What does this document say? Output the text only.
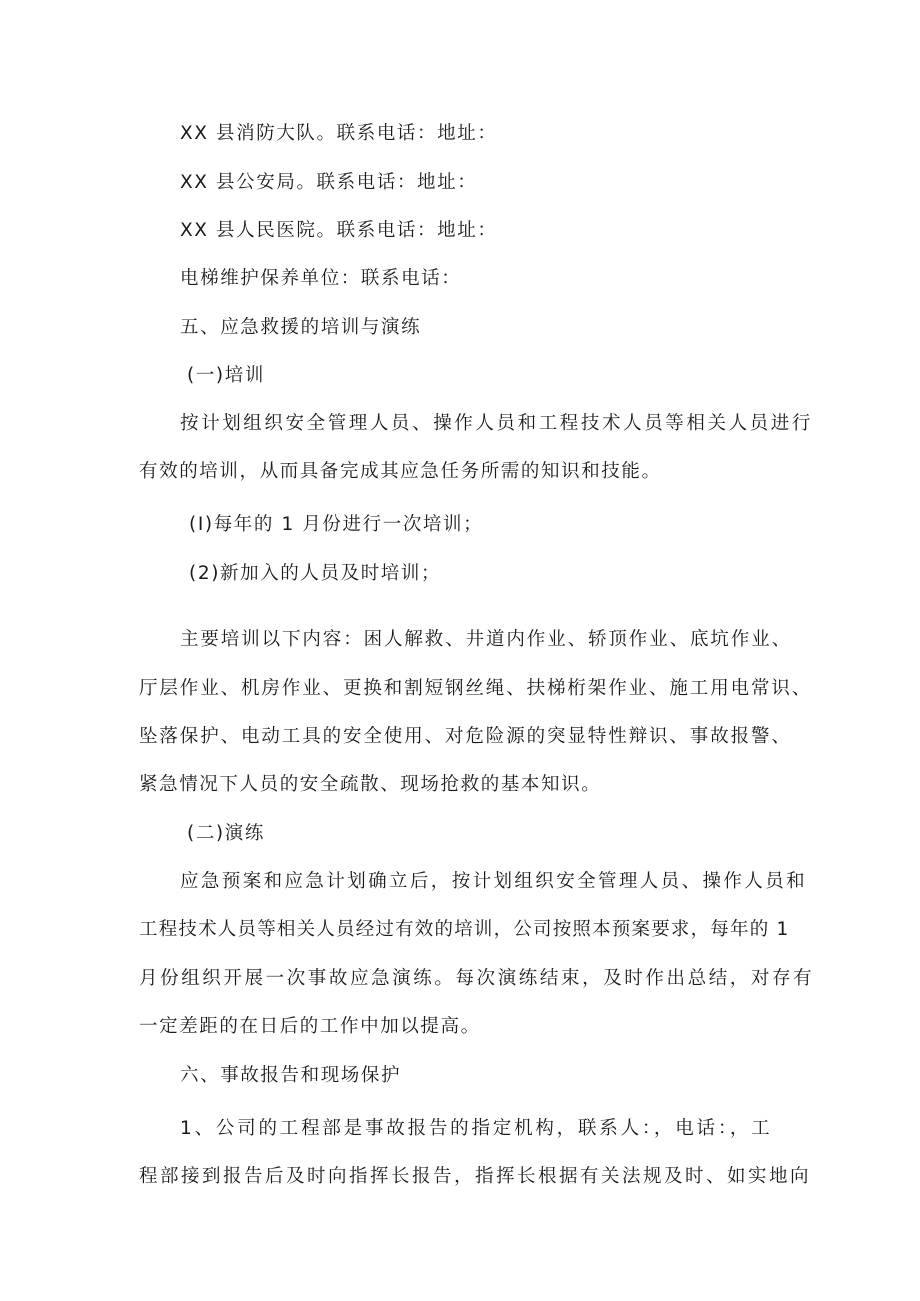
XX 县消防大队。联系电话：地址：
XX 县公安局。联系电话：地址：
XX 县人民医院。联系电话：地址：
电梯维护保养单位：联系电话：
五、应急救援的培训与演练
(一)培训
按计划组织安全管理人员、操作人员和工程技术人员等相关人员进行
有效的培训，从而具备完成其应急任务所需的知识和技能。
(I)每年的 1 月份进行一次培训；
(2)新加入的人员及时培训；
主要培训以下内容：困人解救、井道内作业、轿顶作业、底坑作业、
厅层作业、机房作业、更换和割短钢丝绳、扶梯桁架作业、施工用电常识、
坠落保护、电动工具的安全使用、对危险源的突显特性辩识、事故报警、
紧急情况下人员的安全疏散、现场抢救的基本知识。
(二)演练
应急预案和应急计划确立后，按计划组织安全管理人员、操作人员和
工程技术人员等相关人员经过有效的培训，公司按照本预案要求，每年的 1
月份组织开展一次事故应急演练。每次演练结束，及时作出总结，对存有
一定差距的在日后的工作中加以提高。
六、事故报告和现场保护
1、公司的工程部是事故报告的指定机构，联系人：，电话：，工
程部接到报告后及时向指挥长报告，指挥长根据有关法规及时、如实地向
